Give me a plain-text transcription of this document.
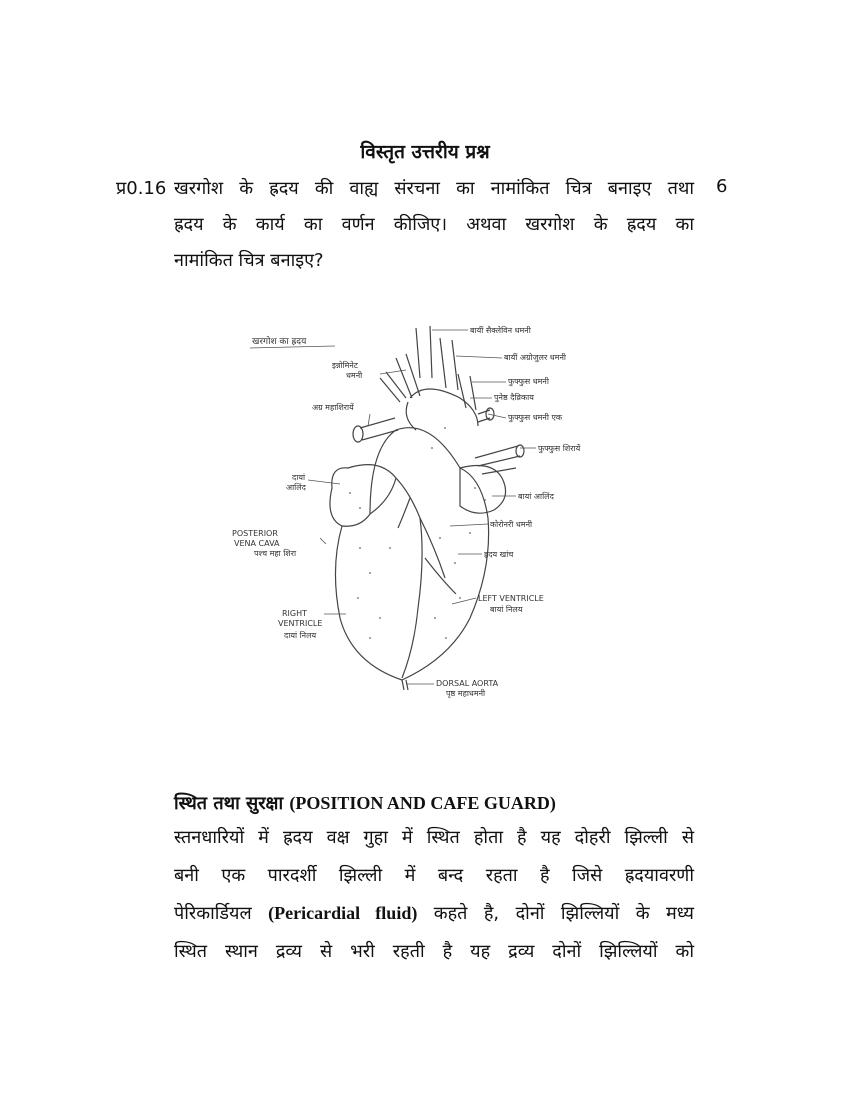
विस्तृत उत्तरीय प्रश्न
प्र0.16	6
खरगोश के ह्रदय की वाह्य संरचना का नामांकित चित्र बनाइए तथा
ह्रदय के कार्य का वर्णन कीजिए। अथवा खरगोश के ह्रदय का
नामांकित चित्र बनाइए?
खरगोश का ह्रदय
बायीं सैक्लेविन धमनी
बायीं अग्रोजुलर धमनी
फुफ्फुस धमनी
पुनेष्ठ दैव्रिकाय
फुफ्फुस धमनी एक
इन्नोमिनेट
धमनी
अग्र महाशिरायें
फुफ्फुस शिरायें
बायां आलिंद
दायां
आलिंद
POSTERIOR
VENA CAVA
पश्च महा शिरा
कोरोनरी धमनी
ह्रदय खांच
LEFT VENTRICLE
बायां निलय
RIGHT
VENTRICLE
दायां निलय
DORSAL AORTA
पृष्ठ महाधमनी
स्थित तथा सुरक्षा (POSITION AND CAFE GUARD)
स्तनधारियों में ह्रदय वक्ष गुहा में स्थित होता है यह दोहरी झिल्ली से
बनी एक पारदर्शी झिल्ली में बन्द रहता है जिसे ह्रदयावरणी
पेरिकार्डियल (Pericardial fluid) कहते है, दोनों झिल्लियों के मध्य
स्थित स्थान द्रव्य से भरी रहती है यह द्रव्य दोनों झिल्लियों को
